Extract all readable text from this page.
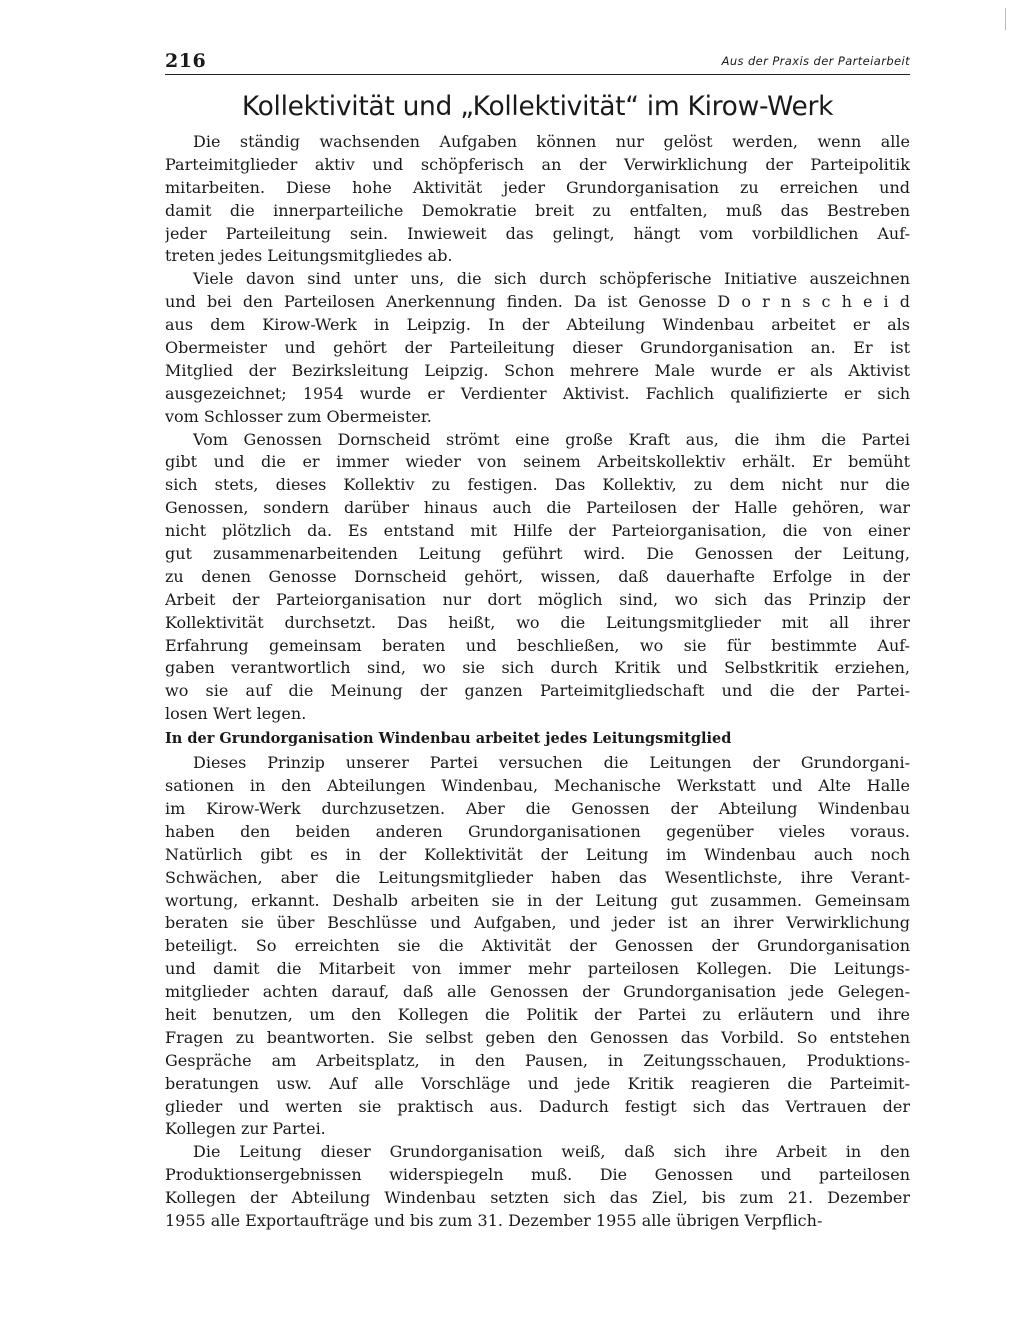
216	Aus der Praxis der Parteiarbeit
Kollektivität und „Kollektivität“ im Kirow-Werk

Die ständig wachsenden Aufgaben können nur gelöst werden, wenn alle
Parteimitglieder aktiv und schöpferisch an der Verwirklichung der Parteipolitik
mitarbeiten. Diese hohe Aktivität jeder Grundorganisation zu erreichen und
damit die innerparteiliche Demokratie breit zu entfalten, muß das Bestreben
jeder Parteileitung sein. Inwieweit das gelingt, hängt vom vorbildlichen Auf-
treten jedes Leitungsmitgliedes ab.

Viele davon sind unter uns, die sich durch schöpferische Initiative auszeichnen
und bei den Parteilosen Anerkennung finden. Da ist Genosse D o r n s c h e i d
aus dem Kirow-Werk in Leipzig. In der Abteilung Windenbau arbeitet er als
Obermeister und gehört der Parteileitung dieser Grundorganisation an. Er ist
Mitglied der Bezirksleitung Leipzig. Schon mehrere Male wurde er als Aktivist
ausgezeichnet; 1954 wurde er Verdienter Aktivist. Fachlich qualifizierte er sich
vom Schlosser zum Obermeister.

Vom Genossen Dornscheid strömt eine große Kraft aus, die ihm die Partei
gibt und die er immer wieder von seinem Arbeitskollektiv erhält. Er bemüht
sich stets, dieses Kollektiv zu festigen. Das Kollektiv, zu dem nicht nur die
Genossen, sondern darüber hinaus auch die Parteilosen der Halle gehören, war
nicht plötzlich da. Es entstand mit Hilfe der Parteiorganisation, die von einer
gut zusammenarbeitenden Leitung geführt wird. Die Genossen der Leitung,
zu denen Genosse Dornscheid gehört, wissen, daß dauerhafte Erfolge in der
Arbeit der Parteiorganisation nur dort möglich sind, wo sich das Prinzip der
Kollektivität durchsetzt. Das heißt, wo die Leitungsmitglieder mit all ihrer
Erfahrung gemeinsam beraten und beschließen, wo sie für bestimmte Auf-
gaben verantwortlich sind, wo sie sich durch Kritik und Selbstkritik erziehen,
wo sie auf die Meinung der ganzen Parteimitgliedschaft und die der Partei-
losen Wert legen.

In der Grundorganisation Windenbau arbeitet jedes Leitungsmitglied

Dieses Prinzip unserer Partei versuchen die Leitungen der Grundorgani-
sationen in den Abteilungen Windenbau, Mechanische Werkstatt und Alte Halle
im Kirow-Werk durchzusetzen. Aber die Genossen der Abteilung Windenbau
haben den beiden anderen Grundorganisationen gegenüber vieles voraus.
Natürlich gibt es in der Kollektivität der Leitung im Windenbau auch noch
Schwächen, aber die Leitungsmitglieder haben das Wesentlichste, ihre Verant-
wortung, erkannt. Deshalb arbeiten sie in der Leitung gut zusammen. Gemeinsam
beraten sie über Beschlüsse und Aufgaben, und jeder ist an ihrer Verwirklichung
beteiligt. So erreichten sie die Aktivität der Genossen der Grundorganisation
und damit die Mitarbeit von immer mehr parteilosen Kollegen. Die Leitungs-
mitglieder achten darauf, daß alle Genossen der Grundorganisation jede Gelegen-
heit benutzen, um den Kollegen die Politik der Partei zu erläutern und ihre
Fragen zu beantworten. Sie selbst geben den Genossen das Vorbild. So entstehen
Gespräche am Arbeitsplatz, in den Pausen, in Zeitungsschauen, Produktions-
beratungen usw. Auf alle Vorschläge und jede Kritik reagieren die Parteimit-
glieder und werten sie praktisch aus. Dadurch festigt sich das Vertrauen der
Kollegen zur Partei.

Die Leitung dieser Grundorganisation weiß, daß sich ihre Arbeit in den
Produktionsergebnissen widerspiegeln muß. Die Genossen und parteilosen
Kollegen der Abteilung Windenbau setzten sich das Ziel, bis zum 21. Dezember
1955 alle Exportaufträge und bis zum 31. Dezember 1955 alle übrigen Verpflich-
